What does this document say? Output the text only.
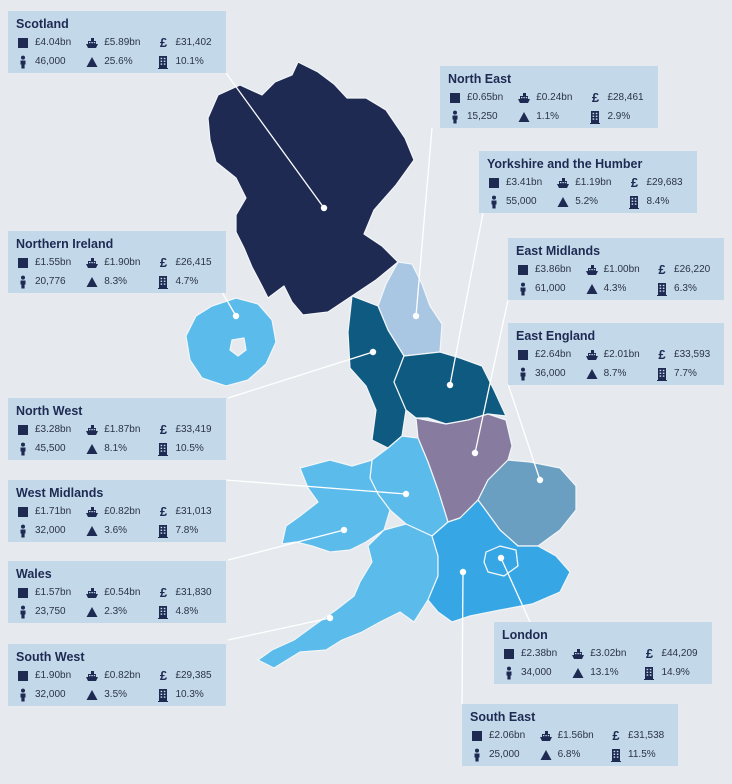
Scotland
£4.04bn	£5.89bn £ £31,402
46,000	25.6%	10.1%
North East
£0.65bn	£0.24bn £ £28,461
15,250	1.1%	2.9%
Yorkshire and the Humber
£3.41bn	£1.19bn £ £29,683
55,000	5.2%	8.4%
Northern Ireland
£1.55bn	£1.90bn £ £26,415
20,776	8.3%	4.7%
East Midlands
£3.86bn	£1.00bn £ £26,220
61,000	4.3%	6.3%
East England
£2.64bn	£2.01bn £ £33,593
36,000	8.7%	7.7%
North West
£3.28bn	£1.87bn £ £33,419
45,500	8.1%	10.5%
West Midlands
£1.71bn	£0.82bn £ £31,013
32,000	3.6%	7.8%
Wales
£1.57bn	£0.54bn £ £31,830
23,750	2.3%	4.8%
South West
£1.90bn	£0.82bn £ £29,385
32,000	3.5%	10.3%
London
£2.38bn	£3.02bn £ £44,209
34,000	13.1%	14.9%
South East
£2.06bn	£1.56bn £ £31,538
25,000	6.8%	11.5%
